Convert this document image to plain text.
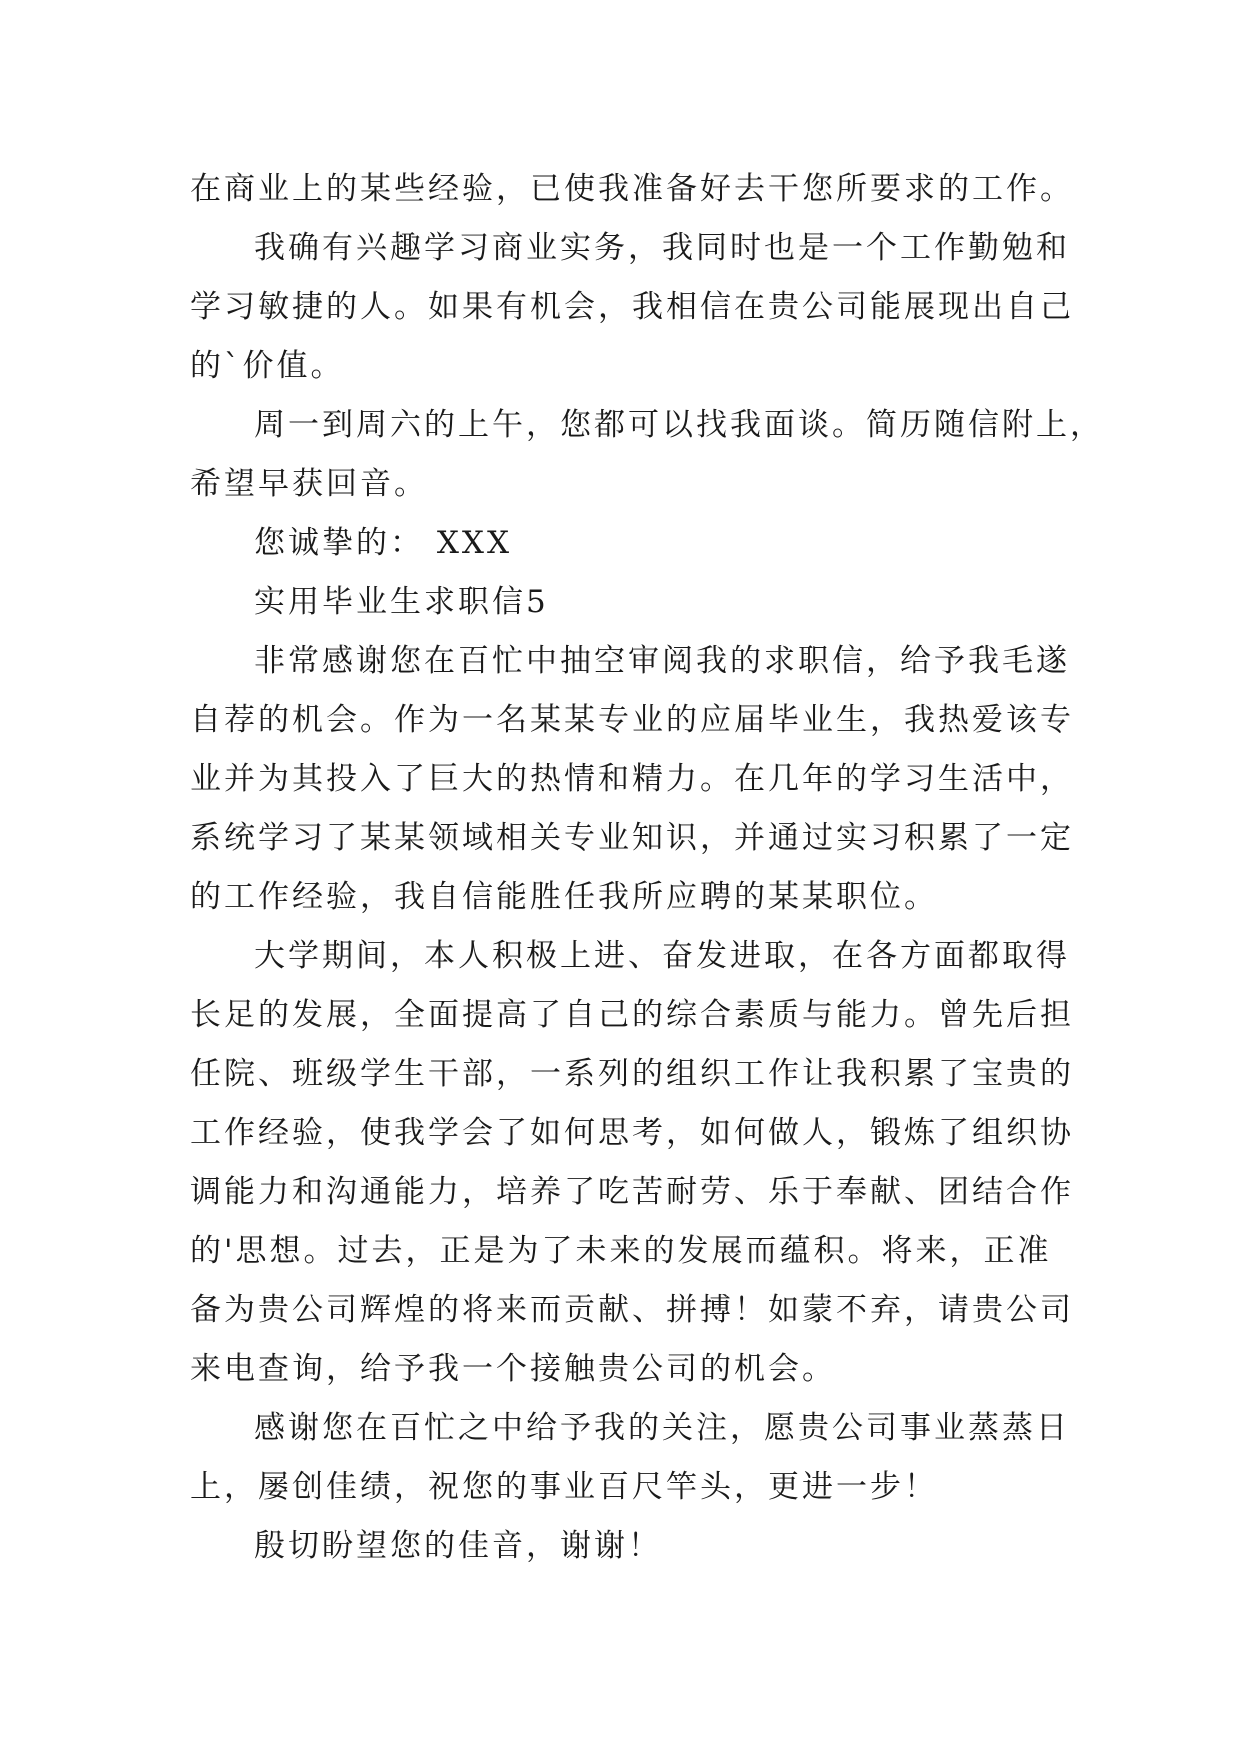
在商业上的某些经验，已使我准备好去干您所要求的工作。
我确有兴趣学习商业实务，我同时也是一个工作勤勉和
学习敏捷的人。如果有机会，我相信在贵公司能展现出自己
的`价值。
周一到周六的上午，您都可以找我面谈。简历随信附上，
希望早获回音。
您诚挚的： XXX
实用毕业生求职信5
非常感谢您在百忙中抽空审阅我的求职信，给予我毛遂
自荐的机会。作为一名某某专业的应届毕业生，我热爱该专
业并为其投入了巨大的热情和精力。在几年的学习生活中，
系统学习了某某领域相关专业知识，并通过实习积累了一定
的工作经验，我自信能胜任我所应聘的某某职位。
大学期间，本人积极上进、奋发进取，在各方面都取得
长足的发展，全面提高了自己的综合素质与能力。曾先后担
任院、班级学生干部，一系列的组织工作让我积累了宝贵的
工作经验，使我学会了如何思考，如何做人，锻炼了组织协
调能力和沟通能力，培养了吃苦耐劳、乐于奉献、团结合作
的'思想。过去，正是为了未来的发展而蕴积。将来，正准
备为贵公司辉煌的将来而贡献、拼搏！如蒙不弃，请贵公司
来电查询，给予我一个接触贵公司的机会。
感谢您在百忙之中给予我的关注，愿贵公司事业蒸蒸日
上，屡创佳绩，祝您的事业百尺竿头，更进一步！
殷切盼望您的佳音，谢谢！
